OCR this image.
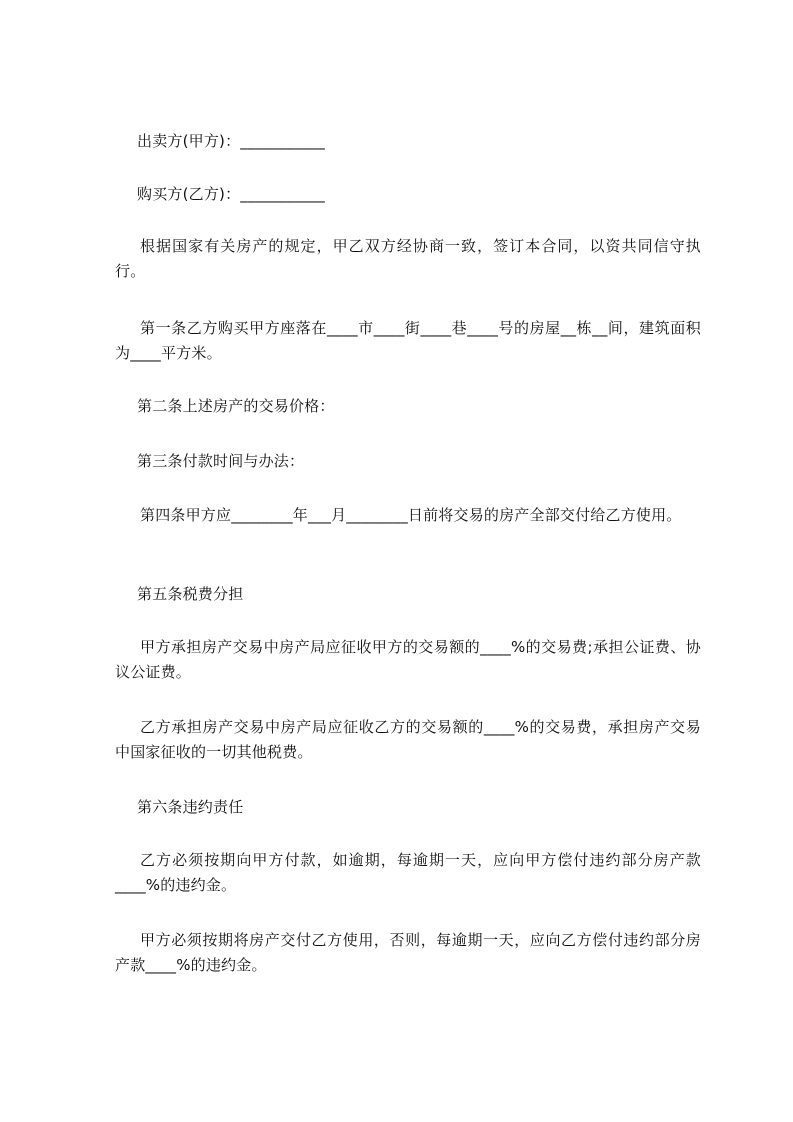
出卖方(甲方)：___________

购买方(乙方)：___________

根据国家有关房产的规定，甲乙双方经协商一致，签订本合同，以资共同信守执行。

第一条乙方购买甲方座落在____市____街____巷____号的房屋__栋__间，建筑面积为____平方米。

第二条上述房产的交易价格：

第三条付款时间与办法：

第四条甲方应________年___月________日前将交易的房产全部交付给乙方使用。

第五条税费分担

甲方承担房产交易中房产局应征收甲方的交易额的____%的交易费;承担公证费、协议公证费。

乙方承担房产交易中房产局应征收乙方的交易额的____%的交易费，承担房产交易中国家征收的一切其他税费。

第六条违约责任

乙方必须按期向甲方付款，如逾期，每逾期一天，应向甲方偿付违约部分房产款____%的违约金。

甲方必须按期将房产交付乙方使用，否则，每逾期一天，应向乙方偿付违约部分房产款____%的违约金。
